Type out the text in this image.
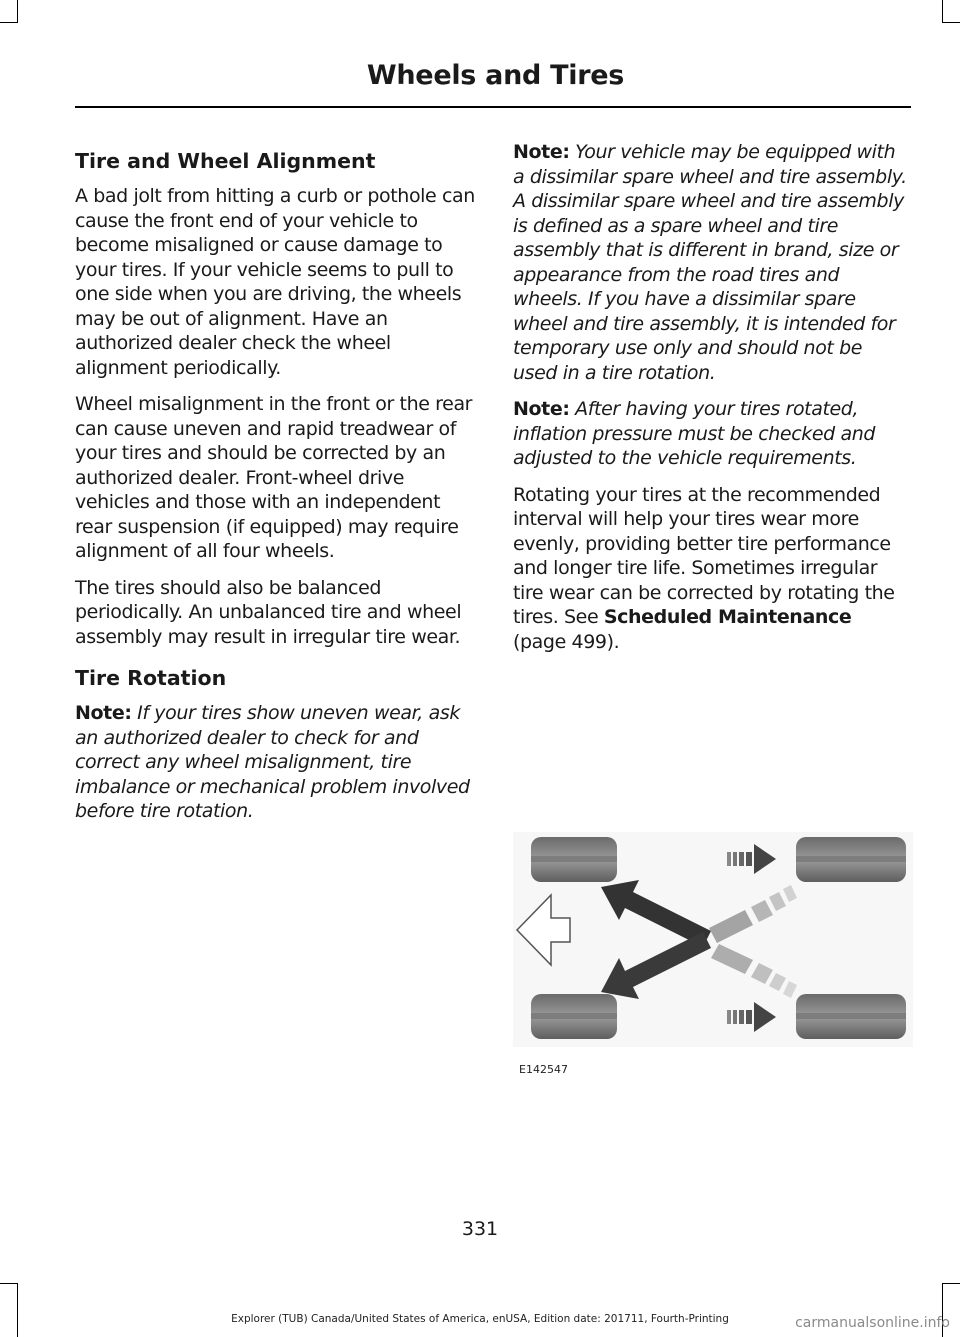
Wheels and Tires
Tire and Wheel Alignment

A bad jolt from hitting a curb or pothole can cause the front end of your vehicle to become misaligned or cause damage to your tires. If your vehicle seems to pull to one side when you are driving, the wheels may be out of alignment. Have an authorized dealer check the wheel alignment periodically.

Wheel misalignment in the front or the rear can cause uneven and rapid treadwear of your tires and should be corrected by an authorized dealer. Front-wheel drive vehicles and those with an independent rear suspension (if equipped) may require alignment of all four wheels.

The tires should also be balanced periodically. An unbalanced tire and wheel assembly may result in irregular tire wear.

Tire Rotation

Note: If your tires show uneven wear, ask an authorized dealer to check for and correct any wheel misalignment, tire imbalance or mechanical problem involved before tire rotation.

Note: Your vehicle may be equipped with a dissimilar spare wheel and tire assembly. A dissimilar spare wheel and tire assembly is defined as a spare wheel and tire assembly that is different in brand, size or appearance from the road tires and wheels. If you have a dissimilar spare wheel and tire assembly, it is intended for temporary use only and should not be used in a tire rotation.

Note: After having your tires rotated, inflation pressure must be checked and adjusted to the vehicle requirements.

Rotating your tires at the recommended interval will help your tires wear more evenly, providing better tire performance and longer tire life. Sometimes irregular tire wear can be corrected by rotating the tires. See Scheduled Maintenance (page 499).

E142547
331
Explorer (TUB) Canada/United States of America, enUSA, Edition date: 201711, Fourth-Printing	carmanualsonline.info
